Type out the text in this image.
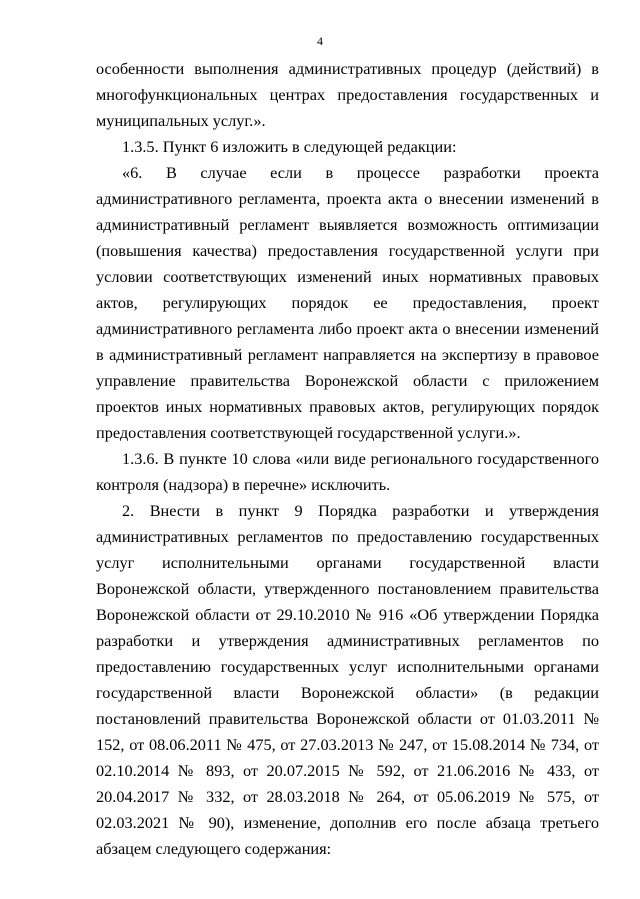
4

особенности выполнения административных процедур (действий) в многофункциональных центрах предоставления государственных и муниципальных услуг.».

1.3.5. Пункт 6 изложить в следующей редакции:

«6. В случае если в процессе разработки проекта административного регламента, проекта акта о внесении изменений в административный регламент выявляется возможность оптимизации (повышения качества) предоставления государственной услуги при условии соответствующих изменений иных нормативных правовых актов, регулирующих порядок ее предоставления, проект административного регламента либо проект акта о внесении изменений в административный регламент направляется на экспертизу в правовое управление правительства Воронежской области с приложением проектов иных нормативных правовых актов, регулирующих порядок предоставления соответствующей государственной услуги.».

1.3.6. В пункте 10 слова «или виде регионального государственного контроля (надзора) в перечне» исключить.

2. Внести в пункт 9 Порядка разработки и утверждения административных регламентов по предоставлению государственных услуг исполнительными органами государственной власти Воронежской области, утвержденного постановлением правительства Воронежской области от 29.10.2010 № 916 «Об утверждении Порядка разработки и утверждения административных регламентов по предоставлению государственных услуг исполнительными органами государственной власти Воронежской области» (в редакции постановлений правительства Воронежской области от 01.03.2011 № 152, от 08.06.2011 № 475, от 27.03.2013 № 247, от 15.08.2014 № 734, от 02.10.2014 № 893, от 20.07.2015 № 592, от 21.06.2016 № 433, от 20.04.2017 № 332, от 28.03.2018 № 264, от 05.06.2019 № 575, от 02.03.2021 № 90), изменение, дополнив его после абзаца третьего абзацем следующего содержания:
